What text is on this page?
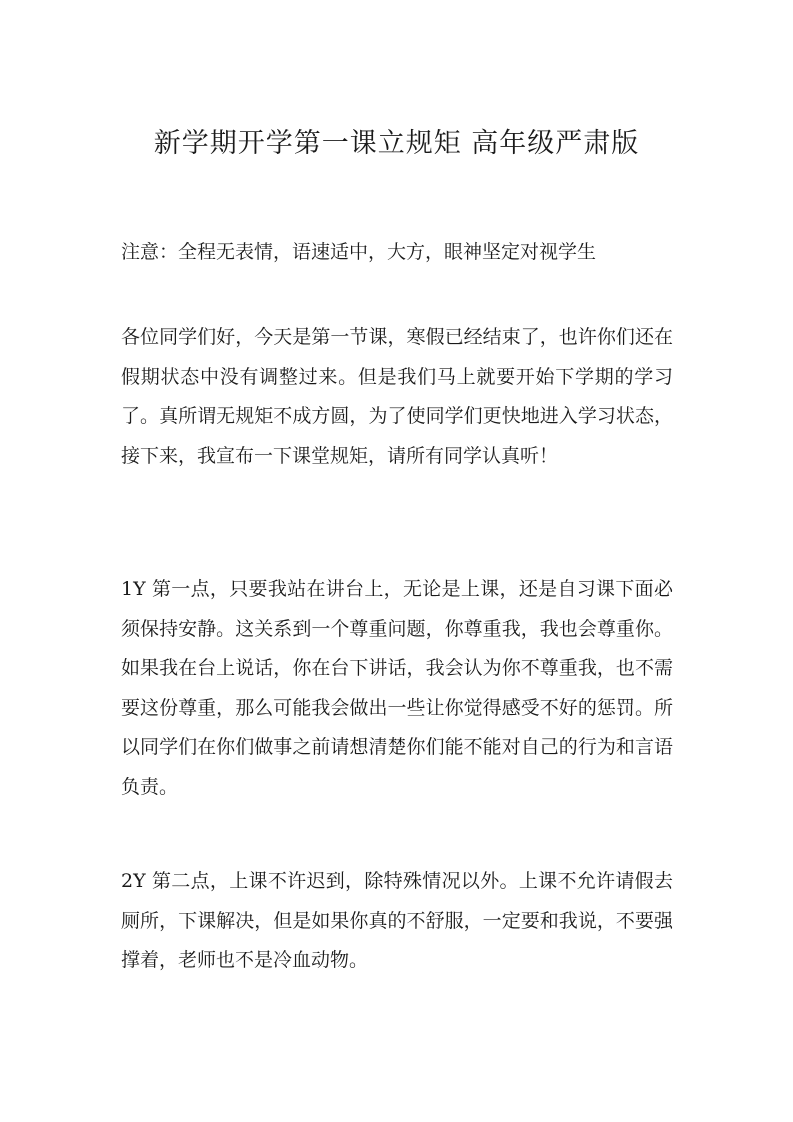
新学期开学第一课立规矩 高年级严肃版

注意：全程无表情，语速适中，大方，眼神坚定对视学生

各位同学们好，今天是第一节课，寒假已经结束了，也许你们还在假期状态中没有调整过来。但是我们马上就要开始下学期的学习了。真所谓无规矩不成方圆，为了使同学们更快地进入学习状态，接下来，我宣布一下课堂规矩，请所有同学认真听！

1Y 第一点，只要我站在讲台上，无论是上课，还是自习课下面必须保持安静。这关系到一个尊重问题，你尊重我，我也会尊重你。如果我在台上说话，你在台下讲话，我会认为你不尊重我，也不需要这份尊重，那么可能我会做出一些让你觉得感受不好的惩罚。所以同学们在你们做事之前请想清楚你们能不能对自己的行为和言语负责。

2Y 第二点，上课不许迟到，除特殊情况以外。上课不允许请假去厕所，下课解决，但是如果你真的不舒服，一定要和我说，不要强撑着，老师也不是冷血动物。
